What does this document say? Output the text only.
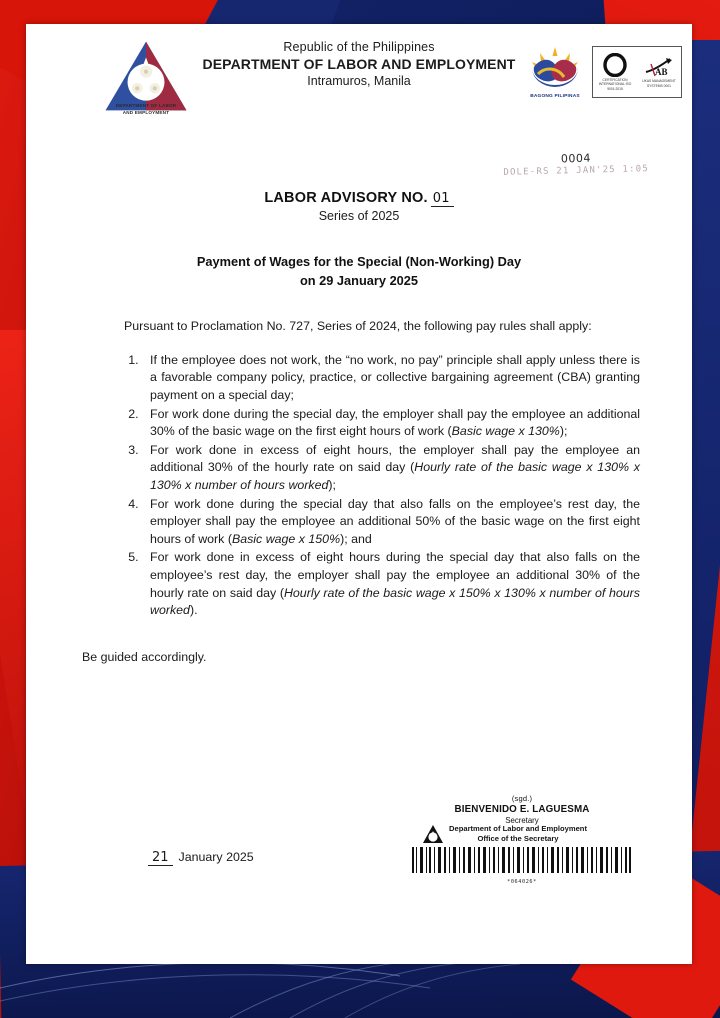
DEPARTMENT OF LABOR
AND EMPLOYMENT
Republic of the Philippines
DEPARTMENT OF LABOR AND EMPLOYMENT
Intramuros, Manila
BAGONG PILIPINAS
CERTIFICATION INTERNATIONAL ISO 9001:2015
AB
UKAS MANAGEMENT SYSTEMS 0001
0004
DOLE-RS 21 JAN'25 1:05
LABOR ADVISORY NO. 01
Series of 2025
Payment of Wages for the Special (Non-Working) Day
on 29 January 2025

Pursuant to Proclamation No. 727, Series of 2024, the following pay rules shall apply:

1. If the employee does not work, the “no work, no pay” principle shall apply unless there is a favorable company policy, practice, or collective bargaining agreement (CBA) granting payment on a special day;
2. For work done during the special day, the employer shall pay the employee an additional 30% of the basic wage on the first eight hours of work (Basic wage x 130%);
3. For work done in excess of eight hours, the employer shall pay the employee an additional 30% of the hourly rate on said day (Hourly rate of the basic wage x 130% x 130% x number of hours worked);
4. For work done during the special day that also falls on the employee’s rest day, the employer shall pay the employee an additional 50% of the basic wage on the first eight hours of work (Basic wage x 150%); and
5. For work done in excess of eight hours during the special day that also falls on the employee’s rest day, the employer shall pay the employee an additional 30% of the hourly rate on said day (Hourly rate of the basic wage x 150% x 130% x number of hours worked).

Be guided accordingly.

(sgd.)
BIENVENIDO E. LAGUESMA
Secretary
Department of Labor and Employment
Office of the Secretary
*064026*
21 January 2025
